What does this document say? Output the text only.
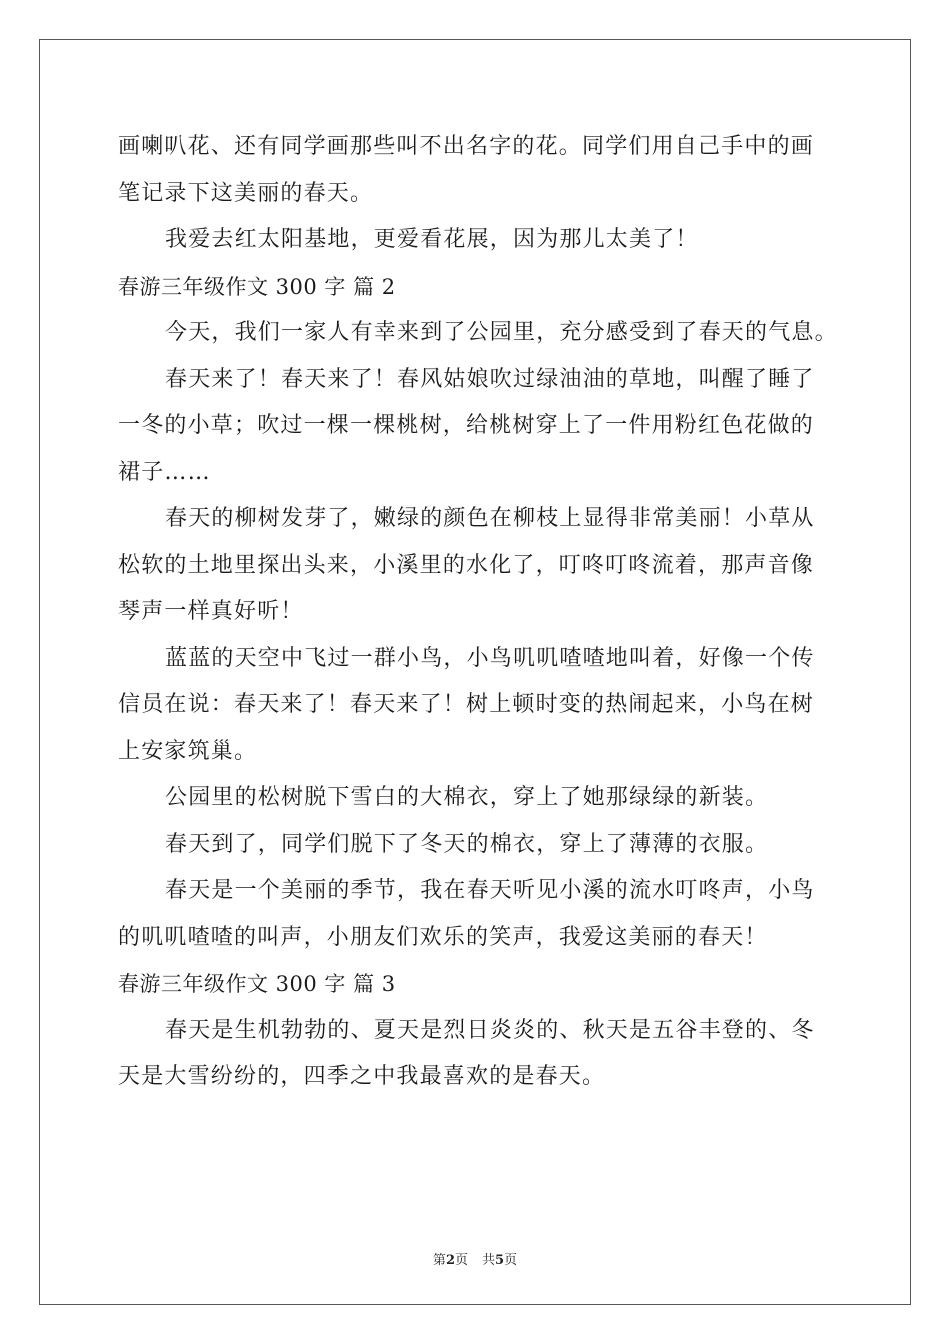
画喇叭花、还有同学画那些叫不出名字的花。同学们用自己手中的画
笔记录下这美丽的春天。
我爱去红太阳基地，更爱看花展，因为那儿太美了！
春游三年级作文 300 字 篇 2
今天，我们一家人有幸来到了公园里，充分感受到了春天的气息。
春天来了！春天来了！春风姑娘吹过绿油油的草地，叫醒了睡了
一冬的小草；吹过一棵一棵桃树，给桃树穿上了一件用粉红色花做的
裙子……
春天的柳树发芽了，嫩绿的颜色在柳枝上显得非常美丽！小草从
松软的土地里探出头来，小溪里的水化了，叮咚叮咚流着，那声音像
琴声一样真好听！
蓝蓝的天空中飞过一群小鸟，小鸟叽叽喳喳地叫着，好像一个传
信员在说：春天来了！春天来了！树上顿时变的热闹起来，小鸟在树
上安家筑巢。
公园里的松树脱下雪白的大棉衣，穿上了她那绿绿的新装。
春天到了，同学们脱下了冬天的棉衣，穿上了薄薄的衣服。
春天是一个美丽的季节，我在春天听见小溪的流水叮咚声，小鸟
的叽叽喳喳的叫声，小朋友们欢乐的笑声，我爱这美丽的春天！
春游三年级作文 300 字 篇 3
春天是生机勃勃的、夏天是烈日炎炎的、秋天是五谷丰登的、冬
天是大雪纷纷的，四季之中我最喜欢的是春天。
第2页 共5页
